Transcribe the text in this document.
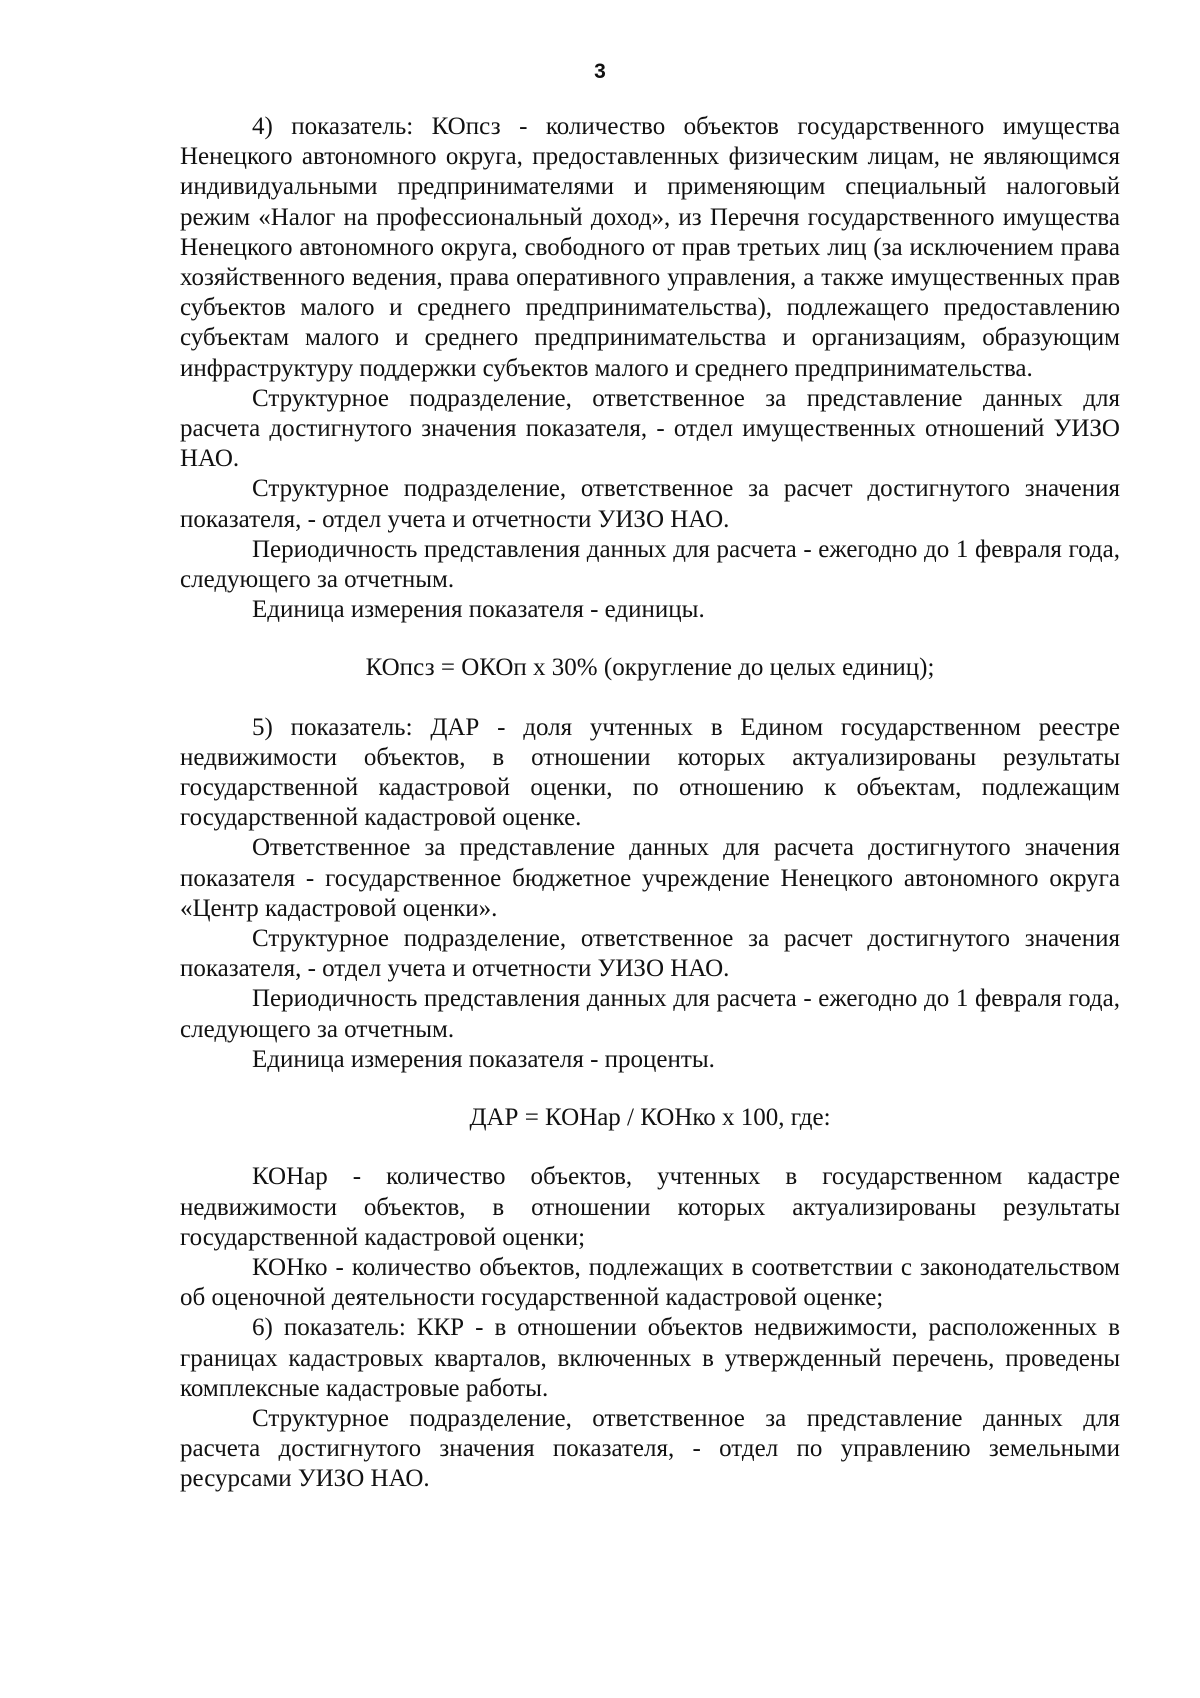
3

4) показатель: КОпсз - количество объектов государственного имущества Ненецкого автономного округа, предоставленных физическим лицам, не являющимся индивидуальными предпринимателями и применяющим специальный налоговый режим «Налог на профессиональный доход», из Перечня государственного имущества Ненецкого автономного округа, свободного от прав третьих лиц (за исключением права хозяйственного ведения, права оперативного управления, а также имущественных прав субъектов малого и среднего предпринимательства), подлежащего предоставлению субъектам малого и среднего предпринимательства и организациям, образующим инфраструктуру поддержки субъектов малого и среднего предпринимательства.

Структурное подразделение, ответственное за представление данных для расчета достигнутого значения показателя, - отдел имущественных отношений УИЗО НАО.

Структурное подразделение, ответственное за расчет достигнутого значения показателя, - отдел учета и отчетности УИЗО НАО.

Периодичность представления данных для расчета - ежегодно до 1 февраля года, следующего за отчетным.

Единица измерения показателя - единицы.

КОпсз = ОКОп x 30% (округление до целых единиц);

5) показатель: ДАР - доля учтенных в Едином государственном реестре недвижимости объектов, в отношении которых актуализированы результаты государственной кадастровой оценки, по отношению к объектам, подлежащим государственной кадастровой оценке.

Ответственное за представление данных для расчета достигнутого значения показателя - государственное бюджетное учреждение Ненецкого автономного округа «Центр кадастровой оценки».

Структурное подразделение, ответственное за расчет достигнутого значения показателя, - отдел учета и отчетности УИЗО НАО.

Периодичность представления данных для расчета - ежегодно до 1 февраля года, следующего за отчетным.

Единица измерения показателя - проценты.

ДАР = КОНар / КОНко x 100, где:

КОНар - количество объектов, учтенных в государственном кадастре недвижимости объектов, в отношении которых актуализированы результаты государственной кадастровой оценки;

КОНко - количество объектов, подлежащих в соответствии с законодательством об оценочной деятельности государственной кадастровой оценке;

6) показатель: ККР - в отношении объектов недвижимости, расположенных в границах кадастровых кварталов, включенных в утвержденный перечень, проведены комплексные кадастровые работы.

Структурное подразделение, ответственное за представление данных для расчета достигнутого значения показателя, - отдел по управлению земельными ресурсами УИЗО НАО.
